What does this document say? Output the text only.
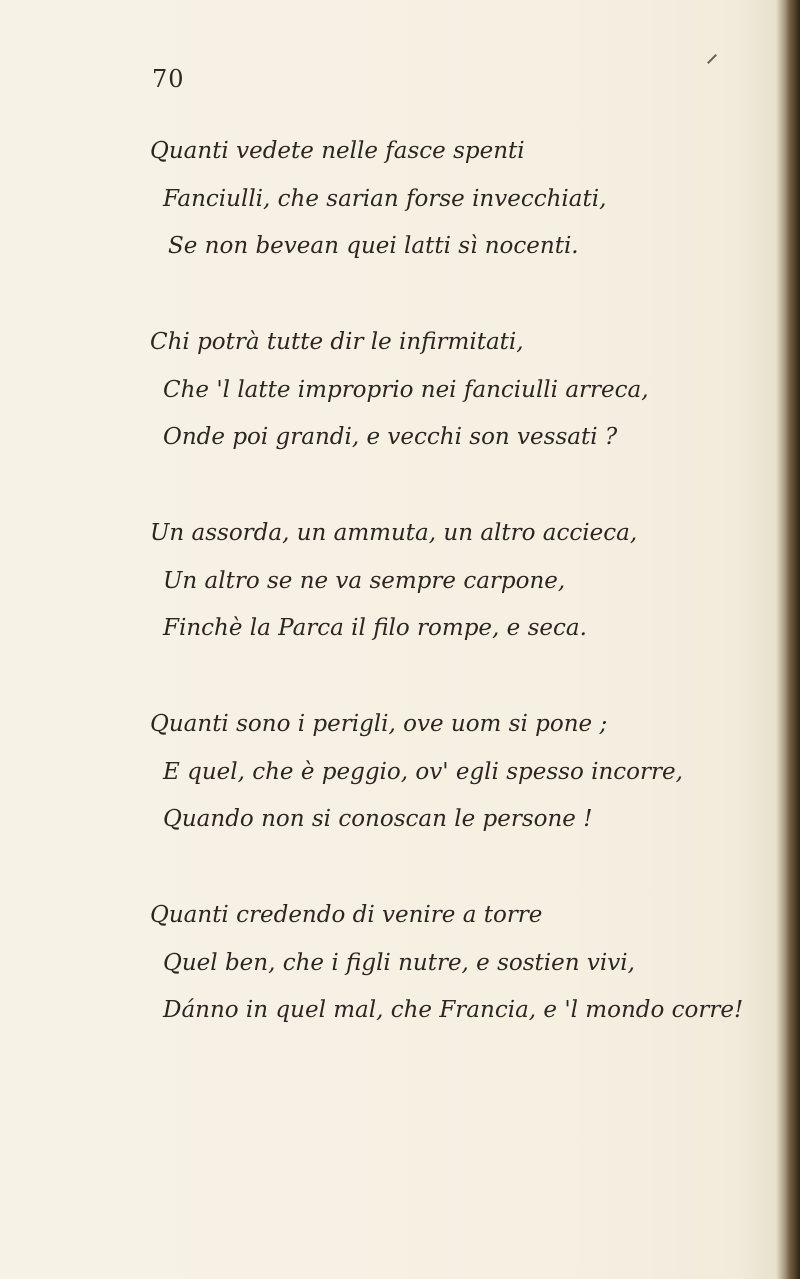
70
Quanti vedete nelle fasce spenti
Fanciulli, che sarian forse invecchiati,
Se non bevean quei latti sì nocenti.
Chi potrà tutte dir le infirmitati,
Che 'l latte improprio nei fanciulli arreca,
Onde poi grandi, e vecchi son vessati ?
Un assorda, un ammuta, un altro accieca,
Un altro se ne va sempre carpone,
Finchè la Parca il filo rompe, e seca.
Quanti sono i perigli, ove uom si pone ;
E quel, che è peggio, ov' egli spesso incorre,
Quando non si conoscan le persone !
Quanti credendo di venire a torre
Quel ben, che i figli nutre, e sostien vivi,
Dánno in quel mal, che Francia, e 'l mondo corre!
